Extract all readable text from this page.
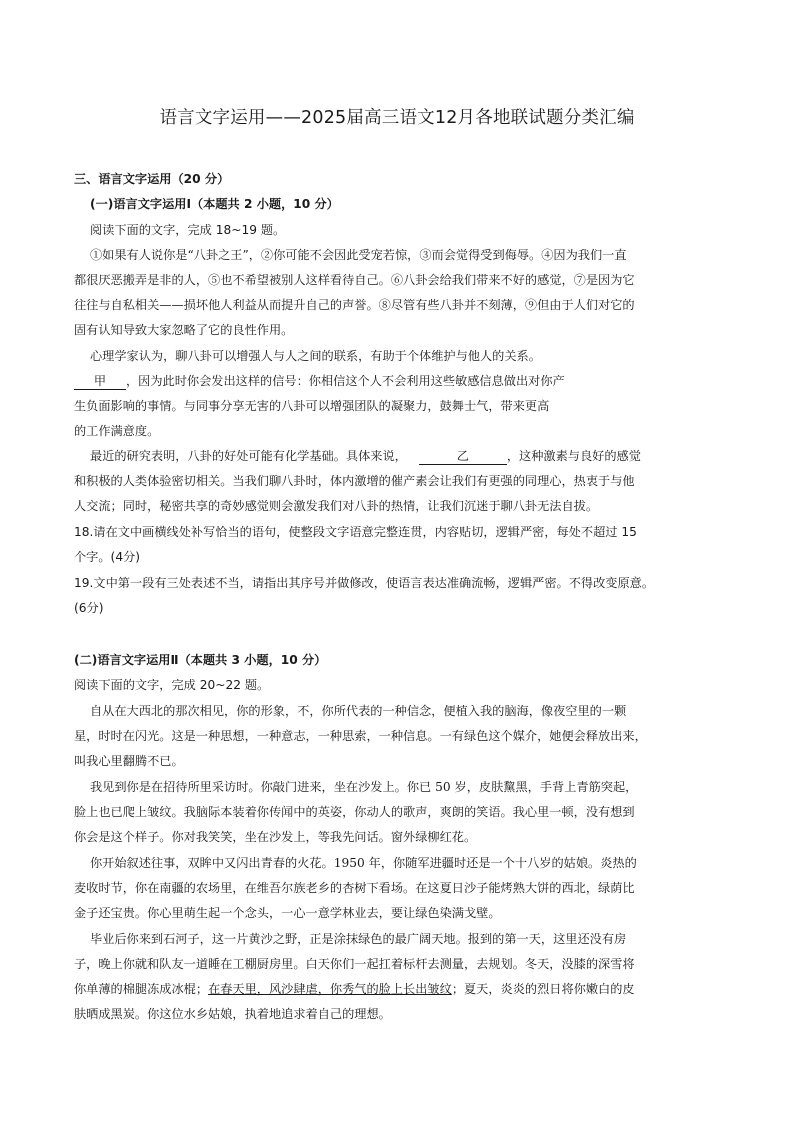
语言文字运用——2025届高三语文12月各地联试题分类汇编
三、语言文字运用（20 分）
(一)语言文字运用Ⅰ（本题共 2 小题，10 分）
阅读下面的文字，完成 18~19 题。
①如果有人说你是“八卦之王”，②你可能不会因此受宠若惊，③而会觉得受到侮辱。④因为我们一直
都很厌恶搬弄是非的人，⑤也不希望被别人这样看待自己。⑥八卦会给我们带来不好的感觉，⑦是因为它
往往与自私相关——损坏他人利益从而提升自己的声誉。⑧尽管有些八卦并不刻薄，⑨但由于人们对它的
固有认知导致大家忽略了它的良性作用。
心理学家认为，聊八卦可以增强人与人之间的联系，有助于个体维护与他人的关系。
甲 ，因为此时你会发出这样的信号：你相信这个人不会利用这些敏感信息做出对你产
生负面影响的事情。与同事分享无害的八卦可以增强团队的凝聚力，鼓舞士气，带来更高
的工作满意度。
最近的研究表明，八卦的好处可能有化学基础。具体来说，	乙	，这种激素与良好的感觉
和积极的人类体验密切相关。当我们聊八卦时，体内激增的催产素会让我们有更强的同理心，热衷于与他
人交流；同时，秘密共享的奇妙感觉则会激发我们对八卦的热情，让我们沉迷于聊八卦无法自拔。
18.请在文中画横线处补写恰当的语句，使整段文字语意完整连贯，内容贴切，逻辑严密，每处不超过 15
个字。(4分)
19.文中第一段有三处表述不当，请指出其序号并做修改，使语言表达准确流畅，逻辑严密。不得改变原意。
(6分)
(二)语言文字运用Ⅱ（本题共 3 小题，10 分）
阅读下面的文字，完成 20~22 题。
自从在大西北的那次相见，你的形象，不，你所代表的一种信念，便植入我的脑海，像夜空里的一颗
星，时时在闪光。这是一种思想，一种意志，一种思索，一种信息。一有绿色这个媒介，她便会释放出来，
叫我心里翻腾不已。
我见到你是在招待所里采访时。你敲门进来，坐在沙发上。你已 50 岁，皮肤黧黑，手背上青筋突起，
脸上也已爬上皱纹。我脑际本装着你传闻中的英姿，你动人的歌声，爽朗的笑语。我心里一顿，没有想到
你会是这个样子。你对我笑笑，坐在沙发上，等我先问话。窗外绿柳红花。
你开始叙述往事，双眸中又闪出青春的火花。1950 年，你随军进疆时还是一个十八岁的姑娘。炎热的
麦收时节，你在南疆的农场里，在维吾尔族老乡的杏树下看场。在这夏日沙子能烤熟大饼的西北，绿荫比
金子还宝贵。你心里萌生起一个念头，一心一意学林业去，要让绿色染满戈壁。
毕业后你来到石河子，这一片黄沙之野，正是涂抹绿色的最广阔天地。报到的第一天，这里还没有房
子，晚上你就和队友一道睡在工棚厨房里。白天你们一起扛着标杆去测量，去规划。冬天，没膝的深雪将
你单薄的棉腿冻成冰棍；在春天里，风沙肆虐，你秀气的脸上长出皱纹；夏天，炎炎的烈日将你嫩白的皮
肤晒成黑炭。你这位水乡姑娘，执着地追求着自己的理想。
